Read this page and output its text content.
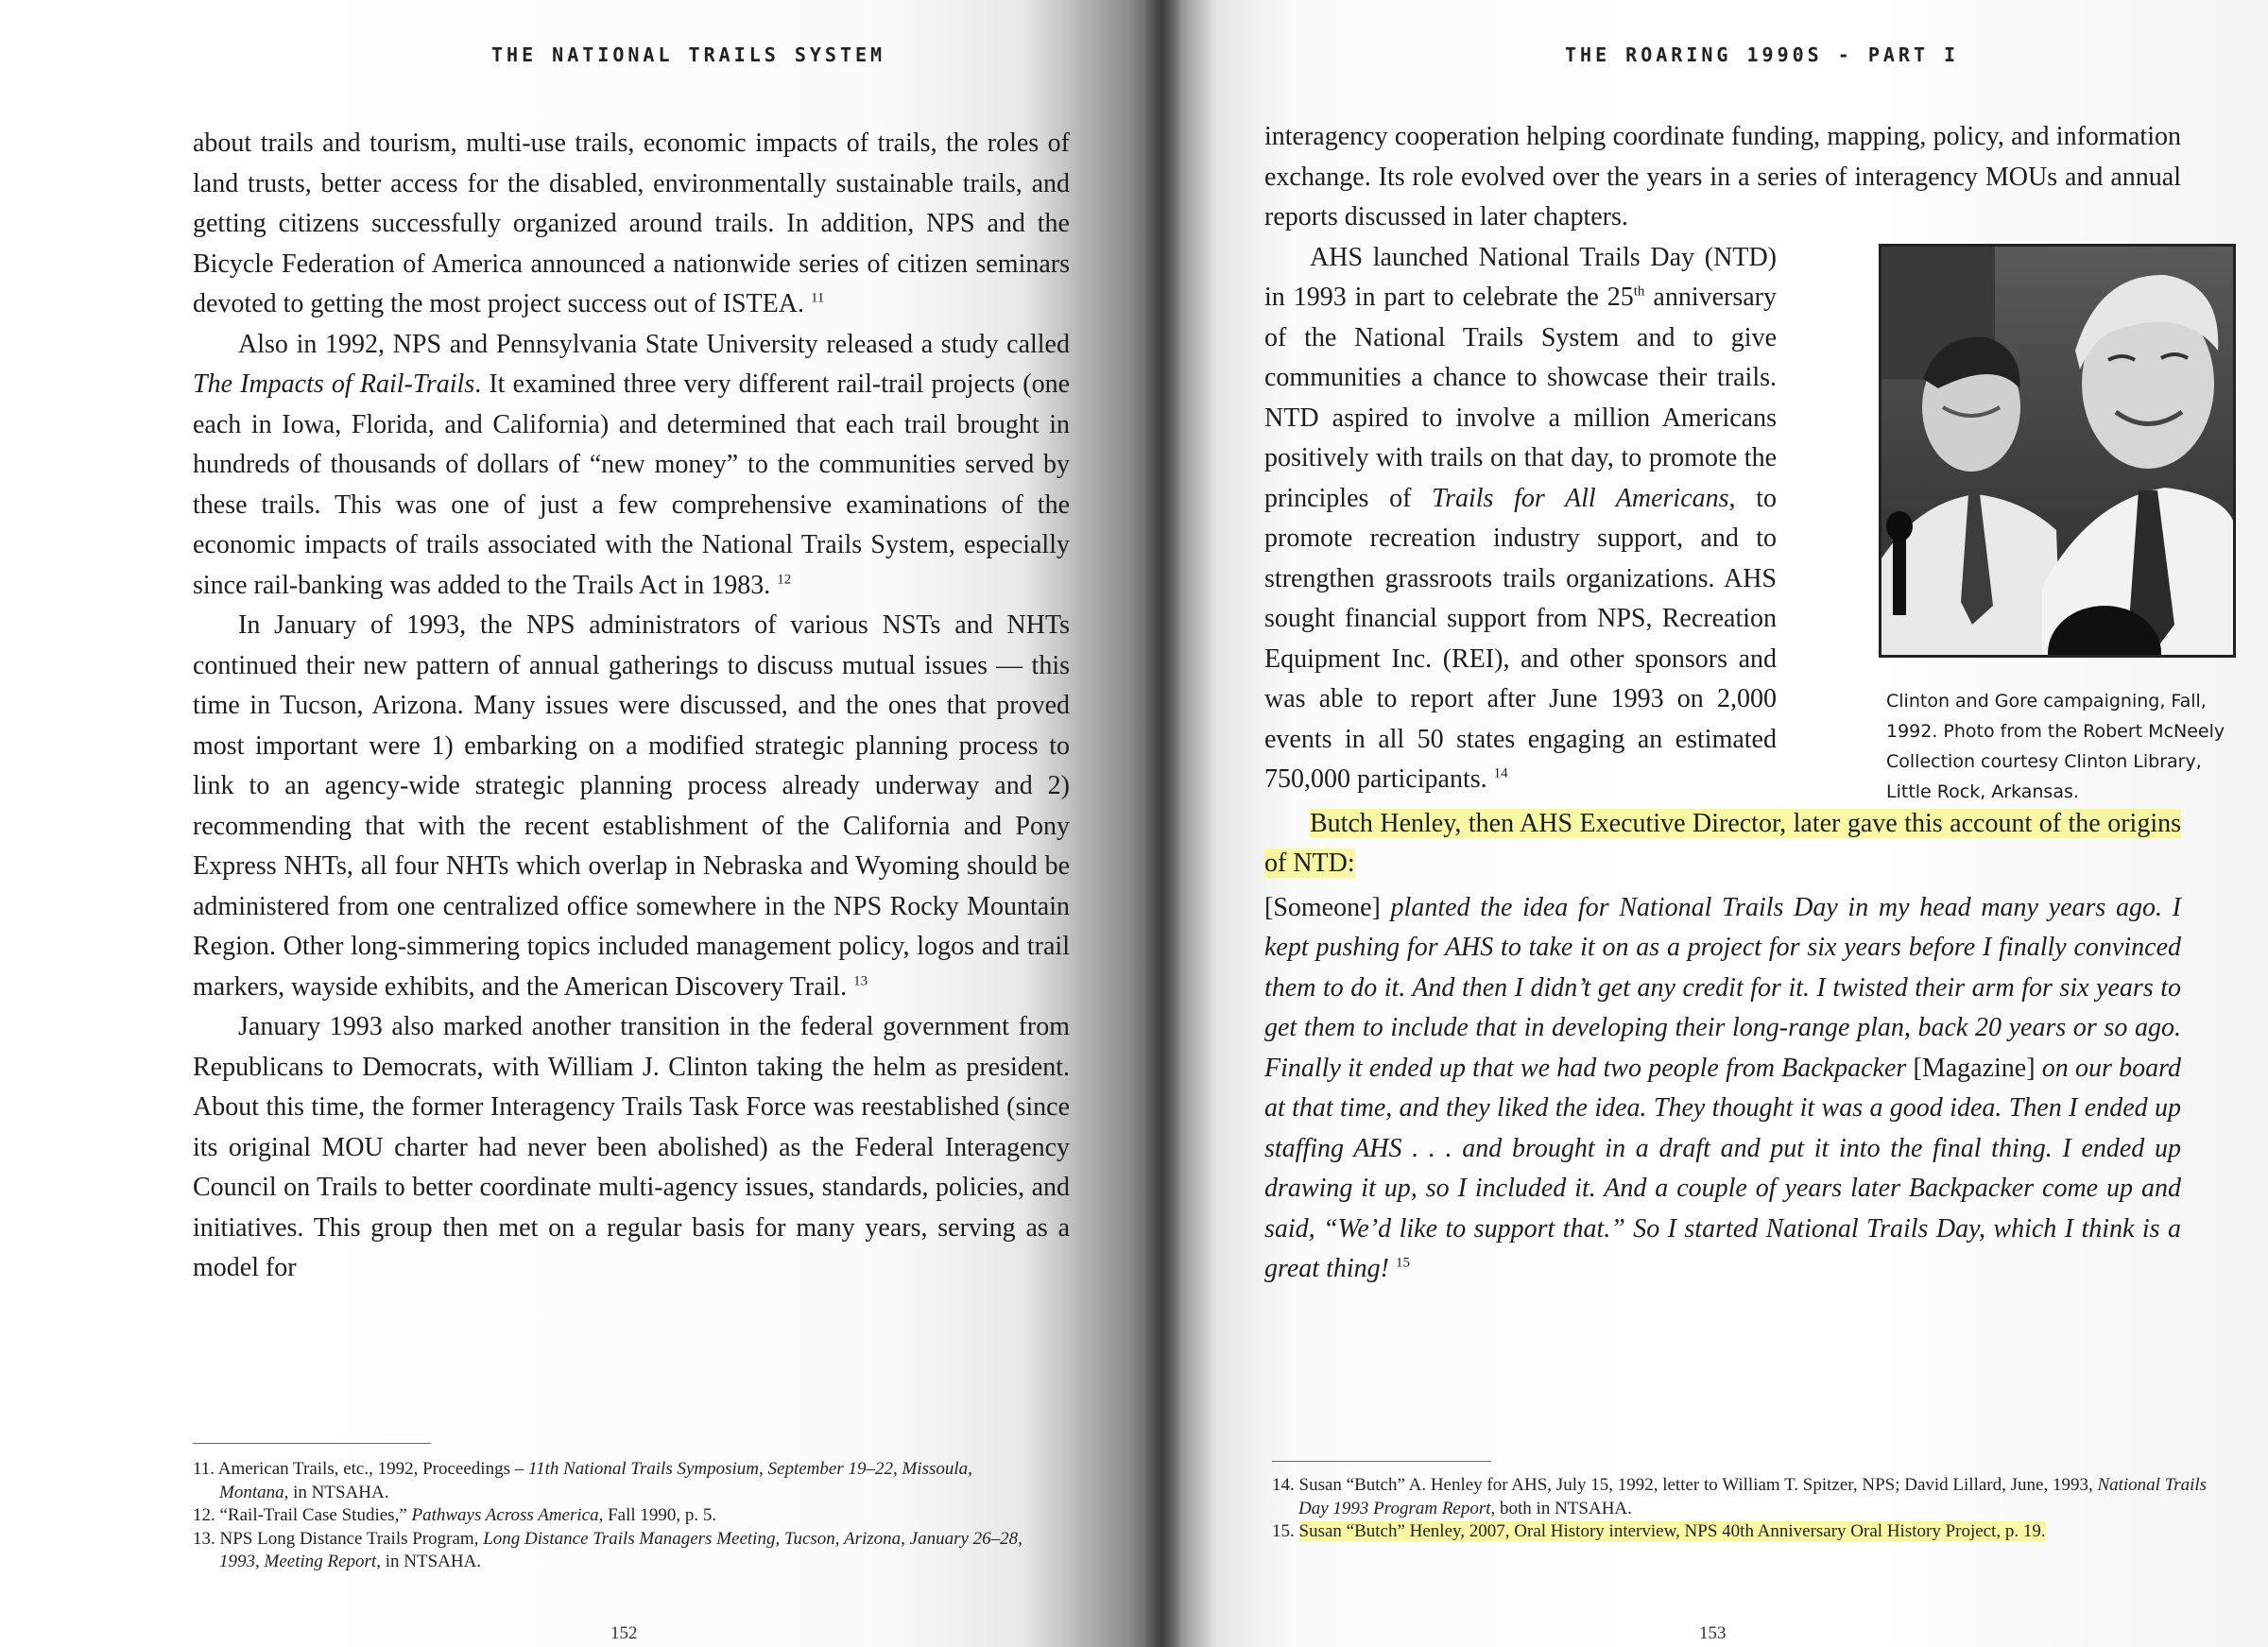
THE NATIONAL TRAILS SYSTEM

about trails and tourism, multi-use trails, economic impacts of trails, the roles of land trusts, better access for the disabled, environmentally sustainable trails, and getting citizens successfully organized around trails. In addition, NPS and the Bicycle Federation of America announced a nationwide series of citizen seminars devoted to getting the most project success out of ISTEA. $^{11}$

Also in 1992, NPS and Pennsylvania State University released a study called The Impacts of Rail-Trails. It examined three very different rail-trail projects (one each in Iowa, Florida, and California) and determined that each trail brought in hundreds of thousands of dollars of “new money” to the communities served by these trails. This was one of just a few comprehensive examinations of the economic impacts of trails associated with the National Trails System, especially since rail-banking was added to the Trails Act in 1983. $^{12}$

In January of 1993, the NPS administrators of various NSTs and NHTs continued their new pattern of annual gatherings to discuss mutual issues — this time in Tucson, Arizona. Many issues were discussed, and the ones that proved most important were 1) embarking on a modified strategic planning process to link to an agency-wide strategic planning process already underway and 2) recommending that with the recent establishment of the California and Pony Express NHTs, all four NHTs which overlap in Nebraska and Wyoming should be administered from one centralized office somewhere in the NPS Rocky Mountain Region. Other long-simmering topics included management policy, logos and trail markers, wayside exhibits, and the American Discovery Trail. $^{13}$

January 1993 also marked another transition in the federal government from Republicans to Democrats, with William J. Clinton taking the helm as president. About this time, the former Interagency Trails Task Force was reestablished (since its original MOU charter had never been abolished) as the Federal Interagency Council on Trails to better coordinate multi-agency issues, standards, policies, and initiatives. This group then met on a regular basis for many years, serving as a model for

11. American Trails, etc., 1992, Proceedings – 11th National Trails Symposium, September 19–22, Missoula, Montana, in NTSAHA.
12. “Rail-Trail Case Studies,” Pathways Across America, Fall 1990, p. 5.
13. NPS Long Distance Trails Program, Long Distance Trails Managers Meeting, Tucson, Arizona, January 26–28, 1993, Meeting Report, in NTSAHA.
152
THE ROARING 1990S - PART I

interagency cooperation helping coordinate funding, mapping, policy, and information exchange. Its role evolved over the years in a series of interagency MOUs and annual reports discussed in later chapters.

AHS launched National Trails Day (NTD) in 1993 in part to celebrate the 25th anniversary of the National Trails System and to give communities a chance to showcase their trails. NTD aspired to involve a million Americans positively with trails on that day, to promote the principles of Trails for All Americans, to promote recreation industry support, and to strengthen grassroots trails organizations. AHS sought financial support from NPS, Recreation Equipment Inc. (REI), and other sponsors and was able to report after June 1993 on 2,000 events in all 50 states engaging an estimated 750,000 participants. $^{14}$

Butch Henley, then AHS Executive Director, later gave this account of the origins of NTD:

[Someone] planted the idea for National Trails Day in my head many years ago. I kept pushing for AHS to take it on as a project for six years before I finally convinced them to do it. And then I didn’t get any credit for it. I twisted their arm for six years to get them to include that in developing their long-range plan, back 20 years or so ago. Finally it ended up that we had two people from Backpacker [Magazine] on our board at that time, and they liked the idea. They thought it was a good idea. Then I ended up staffing AHS . . . and brought in a draft and put it into the final thing. I ended up drawing it up, so I included it. And a couple of years later Backpacker come up and said, “We’d like to support that.” So I started National Trails Day, which I think is a great thing! $^{15}$

Clinton and Gore campaigning, Fall, 1992. Photo from the Robert McNeely Collection courtesy Clinton Library, Little Rock, Arkansas.
14. Susan “Butch” A. Henley for AHS, July 15, 1992, letter to William T. Spitzer, NPS; David Lillard, June, 1993, National Trails Day 1993 Program Report, both in NTSAHA.
15. Susan “Butch” Henley, 2007, Oral History interview, NPS 40th Anniversary Oral History Project, p. 19.
153
